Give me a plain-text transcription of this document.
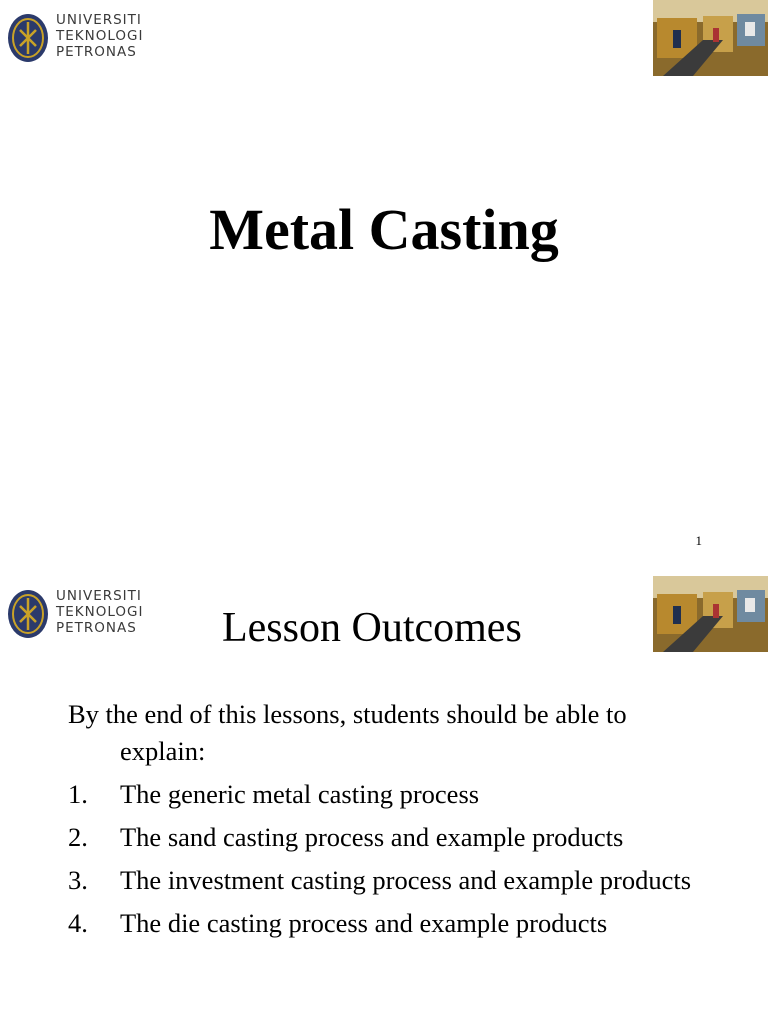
UNIVERSITI
TEKNOLOGI
PETRONAS
Metal Casting
1
UNIVERSITI
TEKNOLOGI
PETRONAS Lesson Outcomes
By the end of this lessons, students should be able to
explain:
1. The generic metal casting process
2. The sand casting process and example products
3. The investment casting process and example products
4. The die casting process and example products
